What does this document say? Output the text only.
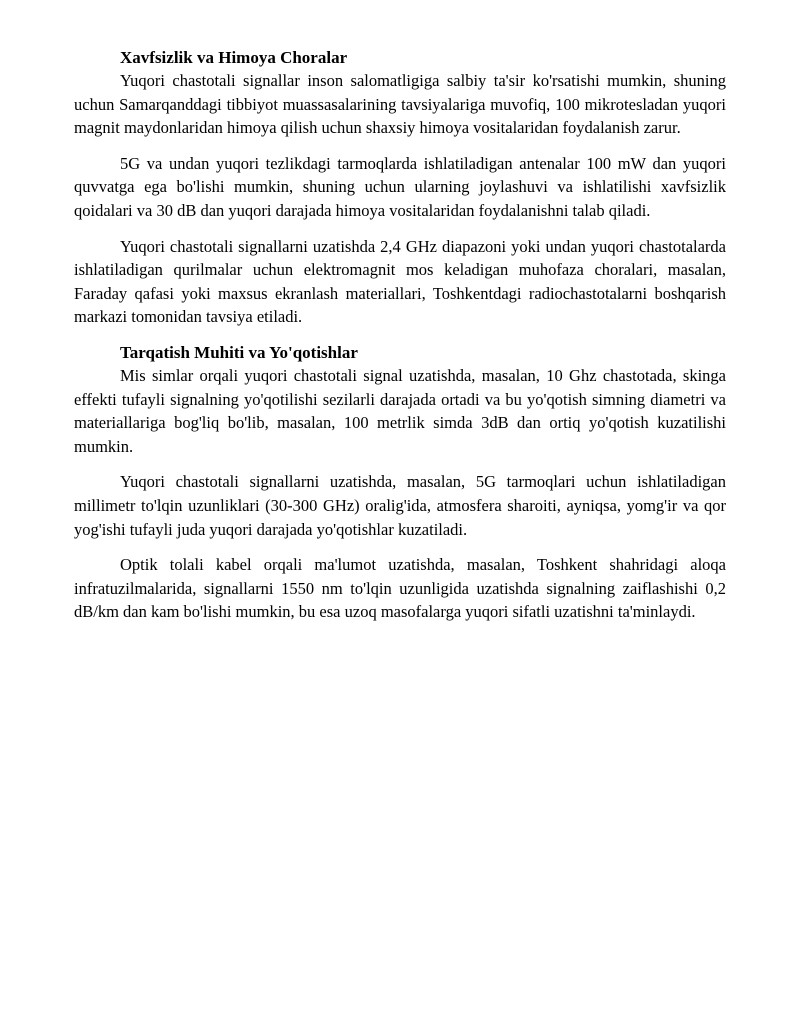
Xavfsizlik va Himoya Choralar

Yuqori chastotali signallar inson salomatligiga salbiy ta'sir ko'rsatishi mumkin, shuning uchun Samarqanddagi tibbiyot muassasalarining tavsiyalariga muvofiq, 100 mikrotesladan yuqori magnit maydonlaridan himoya qilish uchun shaxsiy himoya vositalaridan foydalanish zarur.

5G va undan yuqori tezlikdagi tarmoqlarda ishlatiladigan antenalar 100 mW dan yuqori quvvatga ega bo'lishi mumkin, shuning uchun ularning joylashuvi va ishlatilishi xavfsizlik qoidalari va 30 dB dan yuqori darajada himoya vositalaridan foydalanishni talab qiladi.

Yuqori chastotali signallarni uzatishda 2,4 GHz diapazoni yoki undan yuqori chastotalarda ishlatiladigan qurilmalar uchun elektromagnit mos keladigan muhofaza choralari, masalan, Faraday qafasi yoki maxsus ekranlash materiallari, Toshkentdagi radiochastotalarni boshqarish markazi tomonidan tavsiya etiladi.

Tarqatish Muhiti va Yo'qotishlar

Mis simlar orqali yuqori chastotali signal uzatishda, masalan, 10 Ghz chastotada, skinga effekti tufayli signalning yo'qotilishi sezilarli darajada ortadi va bu yo'qotish simning diametri va materiallariga bog'liq bo'lib, masalan, 100 metrlik simda 3dB dan ortiq yo'qotish kuzatilishi mumkin.

Yuqori chastotali signallarni uzatishda, masalan, 5G tarmoqlari uchun ishlatiladigan millimetr to'lqin uzunliklari (30-300 GHz) oralig'ida, atmosfera sharoiti, ayniqsa, yomg'ir va qor yog'ishi tufayli juda yuqori darajada yo'qotishlar kuzatiladi.

Optik tolali kabel orqali ma'lumot uzatishda, masalan, Toshkent shahridagi aloqa infratuzilmalarida, signallarni 1550 nm to'lqin uzunligida uzatishda signalning zaiflashishi 0,2 dB/km dan kam bo'lishi mumkin, bu esa uzoq masofalarga yuqori sifatli uzatishni ta'minlaydi.
